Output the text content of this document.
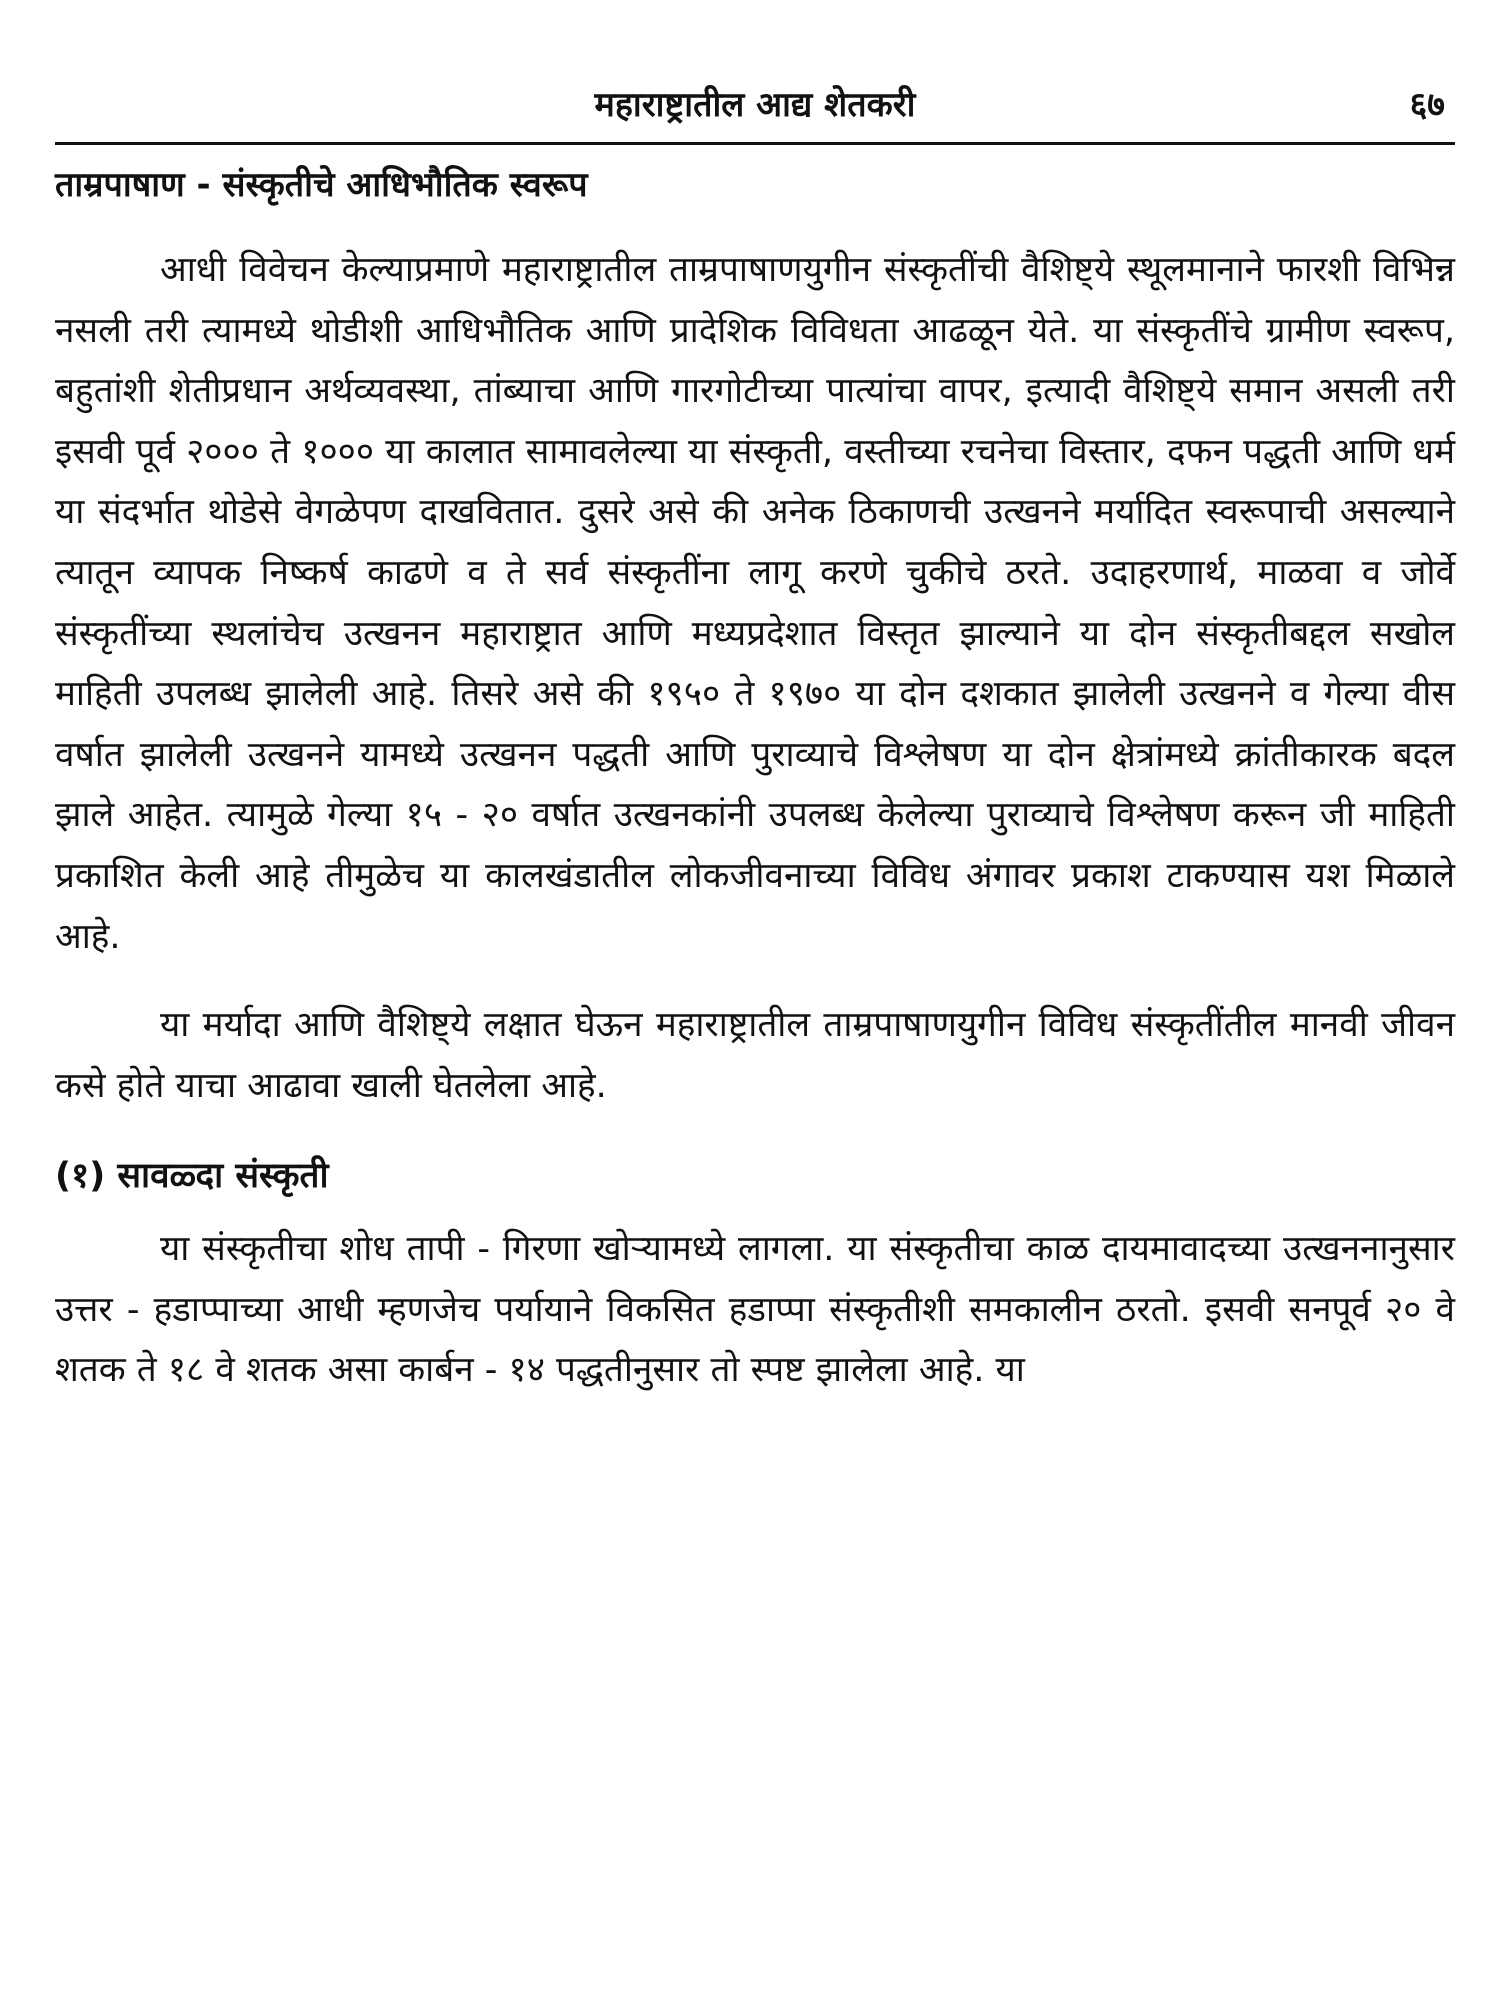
महाराष्ट्रातील आद्य शेतकरी	६७
ताम्रपाषाण - संस्कृतीचे आधिभौतिक स्वरूप

आधी विवेचन केल्याप्रमाणे महाराष्ट्रातील ताम्रपाषाणयुगीन संस्कृतींची वैशिष्ट्ये स्थूलमानाने फारशी विभिन्न नसली तरी त्यामध्ये थोडीशी आधिभौतिक आणि प्रादेशिक विविधता आढळून येते. या संस्कृतींचे ग्रामीण स्वरूप, बहुतांशी शेतीप्रधान अर्थव्यवस्था, तांब्याचा आणि गारगोटीच्या पात्यांचा वापर, इत्यादी वैशिष्ट्ये समान असली तरी इसवी पूर्व २००० ते १००० या कालात सामावलेल्या या संस्कृती, वस्तीच्या रचनेचा विस्तार, दफन पद्धती आणि धर्म या संदर्भात थोडेसे वेगळेपण दाखवितात. दुसरे असे की अनेक ठिकाणची उत्खनने मर्यादित स्वरूपाची असल्याने त्यातून व्यापक निष्कर्ष काढणे व ते सर्व संस्कृतींना लागू करणे चुकीचे ठरते. उदाहरणार्थ, माळवा व जोर्वे संस्कृतींच्या स्थलांचेच उत्खनन महाराष्ट्रात आणि मध्यप्रदेशात विस्तृत झाल्याने या दोन संस्कृतीबद्दल सखोल माहिती उपलब्ध झालेली आहे. तिसरे असे की १९५० ते १९७० या दोन दशकात झालेली उत्खनने व गेल्या वीस वर्षात झालेली उत्खनने यामध्ये उत्खनन पद्धती आणि पुराव्याचे विश्लेषण या दोन क्षेत्रांमध्ये क्रांतीकारक बदल झाले आहेत. त्यामुळे गेल्या १५ - २० वर्षात उत्खनकांनी उपलब्ध केलेल्या पुराव्याचे विश्लेषण करून जी माहिती प्रकाशित केली आहे तीमुळेच या कालखंडातील लोकजीवनाच्या विविध अंगावर प्रकाश टाकण्यास यश मिळाले आहे.

या मर्यादा आणि वैशिष्ट्ये लक्षात घेऊन महाराष्ट्रातील ताम्रपाषाणयुगीन विविध संस्कृतींतील मानवी जीवन कसे होते याचा आढावा खाली घेतलेला आहे.

(१) सावळ्दा संस्कृती

या संस्कृतीचा शोध तापी - गिरणा खोऱ्यामध्ये लागला. या संस्कृतीचा काळ दायमावादच्या उत्खननानुसार उत्तर - हडाप्पाच्या आधी म्हणजेच पर्यायाने विकसित हडाप्पा संस्कृतीशी समकालीन ठरतो. इसवी सनपूर्व २० वे शतक ते १८ वे शतक असा कार्बन - १४ पद्धतीनुसार तो स्पष्ट झालेला आहे. या
